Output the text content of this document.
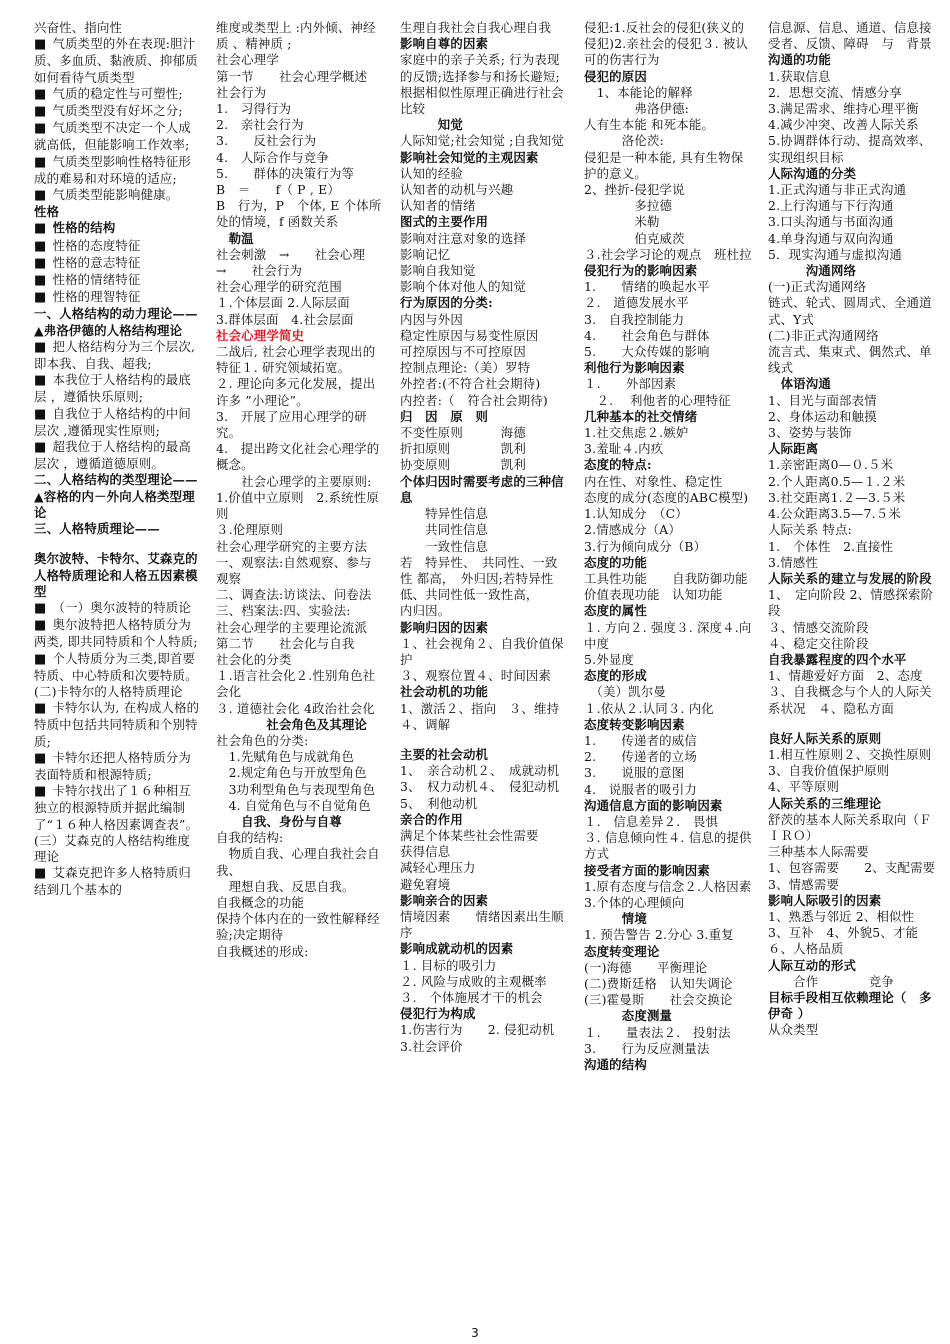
兴奋性、指向性
■ 气质类型的外在表现:胆汁质、多血质、黏液质、抑郁质
如何看待气质类型
■ 气质的稳定性与可塑性;
■ 气质类型没有好坏之分;
■ 气质类型不决定一个人成就高低，但能影响工作效率;
■ 气质类型影响性格特征形成的难易和对环境的适应;
■ 气质类型能影响健康。
性格
■ 性格的结构
■ 性格的态度特征
■ 性格的意志特征
■ 性格的情绪特征
■ 性格的理智特征
一、人格结构的动力理论——▲弗洛伊德的人格结构理论
■ 把人格结构分为三个层次,即本我、自我、超我;
■ 本我位于人格结构的最底层 ，遵循快乐原则;
■ 自我位于人格结构的中间层次 ,遵循现实性原则;
■ 超我位于人格结构的最高层次 ，遵循道德原则。
二、人格结构的类型理论——▲容格的内－外向人格类型理论
三、人格特质理论——
奥尔波特、卡特尔、艾森克的人格特质理论和人格五因素模型
■ （一）奥尔波特的特质论
■ 奥尔波特把人格特质分为两类, 即共同特质和个人特质;
■ 个人特质分为三类,即首要特质、中心特质和次要特质。
(二)卡特尔的人格特质理论
■ 卡特尔认为, 在构成人格的特质中包括共同特质和个别特质;
■ 卡特尔还把人格特质分为表面特质和根源特质;
■ 卡特尔找出了１６种相互独立的根源特质并据此编制了“１６种人格因素调查表”。
(三）艾森克的人格结构维度理论
■ 艾森克把许多人格特质归结到几个基本的
维度或类型上 :内外倾、神经质 、精神质 ;
社会心理学
第一节　　社会心理学概述
社会行为
1.　习得行为
2.　亲社会行为
3.　　反社会行为
4.　人际合作与竞争
5.　　群体的决策行为等
B　＝　　f（ P , E）
B　行为，P　个体, E 个体所处的情境，f 函数关系
　勒温
社会刺激　→　　社会心理　→　　社会行为
社会心理学的研究范围
１.个体层面 2.人际层面
3.群体层面　4.社会层面
社会心理学简史
二战后, 社会心理学表现出的特征１. 研究领域拓宽。
２. 理论向多元化发展，提出许多 ”小理论”。
3.　开展了应用心理学的研究。
4.　提出跨文化社会心理学的概念。
　　社会心理学的主要原则:
1.价值中立原则　2.系统性原则
３.伦理原则
社会心理学研究的主要方法
一、观察法:自然观察、参与观察
二、调查法:访谈法、问卷法
三、档案法:四、实验法:
社会心理学的主要理论流派
第二节　　社会化与自我
社会化的分类
１.语言社会化２.性别角色社会化
３. 道德社会化 4政治社会化
　　　　社会角色及其理论
社会角色的分类:
　1.先赋角色与成就角色
　2.规定角色与开放型角色
　3功利型角色与表现型角色
　4. 自觉角色与不自觉角色
　　自我、身份与自尊
自我的结构:
　物质自我、心理自我社会自我、
　理想自我、反思自我。
自我概念的功能
保持个体内在的一致性解释经验;决定期待
自我概述的形成:
生理自我社会自我心理自我
影响自尊的因素
家庭中的亲子关系; 行为表现的反馈;选择参与和扬长避短; 根据相似性原理正确进行社会比较
　　　知觉
人际知觉;社会知觉 ;自我知觉
影响社会知觉的主观因素
认知的经验
认知者的动机与兴趣
认知者的情绪
图式的主要作用
影响对注意对象的选择
影响记忆
影响自我知觉
影响个体对他人的知觉
行为原因的分类:
内因与外因
稳定性原因与易变性原因
可控原因与不可控原因
控制点理论:（美）罗特
外控者:(不符合社会期待)
内控者:（　符合社会期待)
归　因　原　则
不变性原则　　　海德
折扣原则　　　　凯利
协变原则　　　　凯利
个体归因时需要考虑的三种信息
　　特异性信息
　　共同性信息
　　一致性信息
若　特异性、　共同性、一致性 都高，　外归因;若特异性低、共同性低一致性高，　　内归因。
影响归因的因素
１、社会视角２、自我价值保护
３、观察位置４、时间因素
社会动机的功能
1、激活２、指向　３、维持４、调解
主要的社会动机
1、　亲合动机２、　成就动机
3、　权力动机４、　侵犯动机
5、　利他动机
亲合的作用
满足个体某些社会性需要
获得信息
减轻心理压力
避免窘境
影响亲合的因素
情境因素　　情绪因素出生顺序
影响成就动机的因素
１. 目标的吸引力
２. 风险与成败的主观概率
３.　个体施展才干的机会
侵犯行为构成
1.伤害行为　　2. 侵犯动机
3.社会评价
侵犯:1.反社会的侵犯(狭义的侵犯)2.亲社会的侵犯３. 被认可的伤害行为
侵犯的原因
　1、本能论的解释
　　　　弗洛伊德:
人有生本能 和死本能。
　　　洛伦茨:
侵犯是一种本能, 具有生物保护的意义。
2、挫折-侵犯学说
　　　　多拉德
　　　　米勒
　　　　伯克威茨
３.社会学习论的观点　班杜拉
侵犯行为的影响因素
1.　　情绪的唤起水平
２.　道德发展水平
3.　自我控制能力
4.　　社会角色与群体
5.　　大众传媒的影响
利他行为影响因素
１.　　外部因素
　２.　 利他者的心理特征
几种基本的社交情绪
1.社交焦虑２.嫉妒
3.羞耻４.内疚
态度的特点:
内在性、对象性、稳定性
态度的成分(态度的ABC模型)
1.认知成分　（C）
2.情感成分（A）
3.行为倾向成分（B）
态度的功能
工具性功能　　自我防御功能
价值表现功能　认知功能
态度的属性
１. 方向２. 强度３. 深度４.向中度
5.外显度
态度的形成
　（美）凯尔曼
１.依从２.认同３. 内化
态度转变影响因素
1.　　传递者的威信
2.　　传递者的立场
3.　　说服的意图
4.　说服者的吸引力
沟通信息方面的影响因素
１.　信息差异２.　畏惧
３. 信息倾向性４. 信息的提供方式
接受者方面的影响因素
1.原有态度与信念２.人格因素
3.个体的心理倾向
　　　情境
1. 预告警告 2.分心 3.重复
态度转变理论
(一)海德　　平衡理论
(二)费斯廷格　认知失调论
(三)霍曼斯　　社会交换论
　　　态度测量
１.　　量表法２.　投射法
3.　　行为反应测量法
沟通的结构
信息源、信息、通道、信息接受者、反馈、障碍　与　背景
沟通的功能
1.获取信息
2．思想交流、情感分享
3.满足需求、维持心理平衡
4.减少冲突、改善人际关系
5.协调群体行动、提高效率、实现组织目标
人际沟通的分类
1.正式沟通与非正式沟通
2.上行沟通与下行沟通
3.口头沟通与书面沟通
4.单身沟通与双向沟通
5．现实沟通与虚拟沟通
　　　沟通网络
(一)正式沟通网络
链式、轮式、圆周式、全通道式、Y式
(二)非正式沟通网络
流言式、集束式、偶然式、单线式
　体语沟通
1、目光与面部表情
2、身体运动和触摸
3、姿势与装饰
人际距离
1.亲密距离0—０.５米
2.个人距离0.5—１.２米
3.社交距离1.２—3.５米
4.公众距离3.5—7.５米
人际关系 特点:
1.　个体性　2.直接性
3.情感性
人际关系的建立与发展的阶段
1、　定向阶段 2、情感探索阶段
３、情感交流阶段
４、稳定交往阶段
自我暴露程度的四个水平
1、情趣爱好方面　2、态度
３、自我概念与个人的人际关系状况　４、隐私方面
良好人际关系的原则
1.相互性原则２、交换性原则
3、自我价值保护原则
4、平等原则
人际关系的三维理论
舒茨的基本人际关系取向（ＦＩＲＯ）
三种基本人际需要
1、包容需要　　2、支配需要
3、情感需要
影响人际吸引的因素
1、熟悉与邻近 2、相似性
3、互补　4、外貌5、才能
６、人格品质
人际互动的形式
　　合作　　　　竞争
目标手段相互依赖理论（　多伊奇 ）
从众类型
3
